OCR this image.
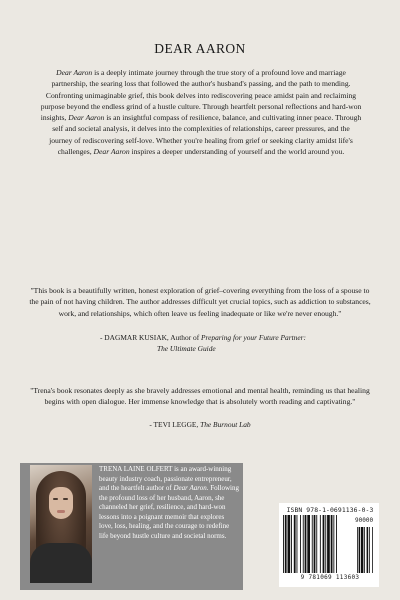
DEAR AARON
Dear Aaron is a deeply intimate journey through the true story of a profound love and marriage partnership, the searing loss that followed the author's husband's passing, and the path to mending. Confronting unimaginable grief, this book delves into rediscovering peace amidst pain and reclaiming purpose beyond the endless grind of a hustle culture. Through heartfelt personal reflections and hard-won insights, Dear Aaron is an insightful compass of resilience, balance, and cultivating inner peace. Through self and societal analysis, it delves into the complexities of relationships, career pressures, and the journey of rediscovering self-love. Whether you're healing from grief or seeking clarity amidst life's challenges, Dear Aaron inspires a deeper understanding of yourself and the world around you.
"This book is a beautifully written, honest exploration of grief–covering everything from the loss of a spouse to the pain of not having children. The author addresses difficult yet crucial topics, such as addiction to substances, work, and relationships, which often leave us feeling inadequate or like we're never enough."
- DAGMAR KUSIAK, Author of Preparing for your Future Partner:
The Ultimate Guide
"Trena's book resonates deeply as she bravely addresses emotional and mental health, reminding us that healing begins with open dialogue. Her immense knowledge that is absolutely worth reading and captivating."
- TEVI LEGGE, The Burnout Lab
TRENA LAINE OLFERT is an award-winning beauty industry coach, passionate entrepreneur, and the heartfelt author of Dear Aaron. Following the profound loss of her husband, Aaron, she channeled her grief, resilience, and hard-won lessons into a poignant memoir that explores love, loss, healing, and the courage to redefine life beyond hustle culture and societal norms.
ISBN 978-1-0691136-0-3
90000
9 781069 113603
